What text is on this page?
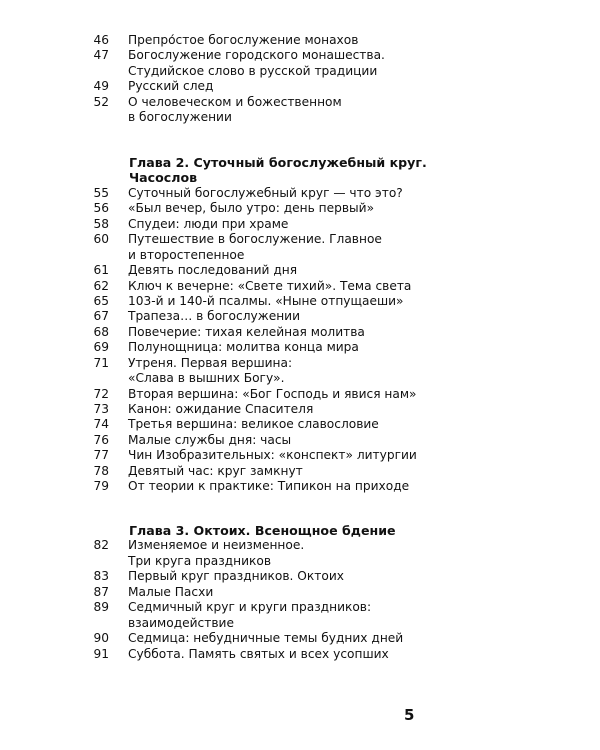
46 Препро́стое богослужение монахов
47 Богослужение городского монашества.
Студийское слово в русской традиции
49 Русский след
52 О человеческом и божественном
в богослужении
Глава 2. Суточный богослужебный круг.
Часослов
55 Суточный богослужебный круг — что это?
56 «Был вечер, было утро: день первый»
58 Спудеи: люди при храме
60 Путешествие в богослужение. Главное
и второстепенное
61 Девять последований дня
62 Ключ к вечерне: «Свете тихий». Тема света
65 103-й и 140-й псалмы. «Ныне отпущаеши»
67 Трапеза… в богослужении
68 Повечерие: тихая келейная молитва
69 Полунощница: молитва конца мира
71 Утреня. Первая вершина:
«Слава в вышних Богу».
72 Вторая вершина: «Бог Господь и явися нам»
73 Канон: ожидание Спасителя
74 Третья вершина: великое славословие
76 Малые службы дня: часы
77 Чин Изобразительных: «конспект» литургии
78 Девятый час: круг замкнут
79 От теории к практике: Типикон на приходе
Глава 3. Октоих. Всенощное бдение
82 Изменяемое и неизменное.
Три круга праздников
83 Первый круг праздников. Октоих
87 Малые Пасхи
89 Седмичный круг и круги праздников:
взаимодействие
90 Седмица: небудничные темы будних дней
91 Суббота. Память святых и всех усопших
5
